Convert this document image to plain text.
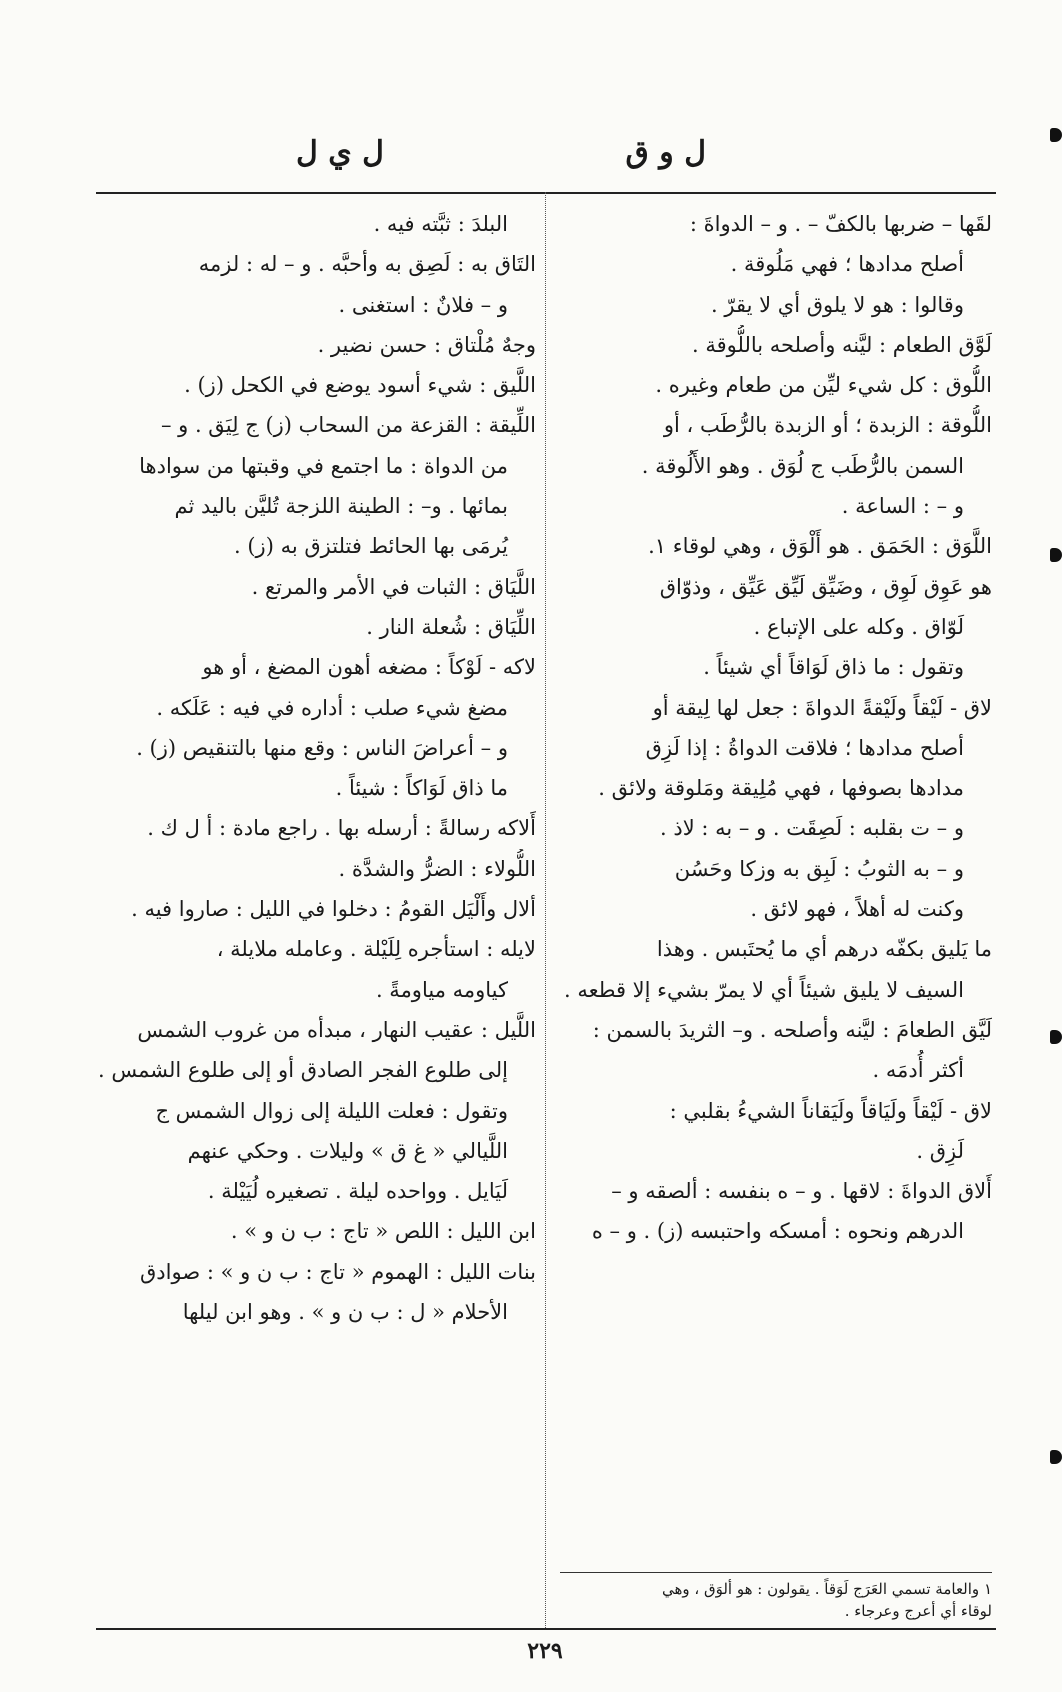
ل و ق
ل ي ل
لقَها – ضربها بالكفّ – . و – الدواةَ :
أصلح مدادها ؛ فهي مَلُوقة .
وقالوا : هو لا يلوق أي لا يقرّ .
لَوَّق الطعام : ليَّنه وأصلحه باللُّوقة .
اللُّوق : كل شيء ليِّن من طعام وغيره .
اللُّوقة : الزبدة ؛ أو الزبدة بالرُّطَب ، أو
السمن بالرُّطَب ج لُوَق . وهو الأَلُوقة .
و – : الساعة .
اللَّوَق : الحَمَق . هو أَلْوَق ، وهي لوقاء ١.
هو عَوِق لَوِق ، وضَيِّق لَيِّق عَيِّق ، وذوّاق
لَوّاق . وكله على الإتباع .
وتقول : ما ذاق لَوَاقاً أي شيئاً .
لاق - لَيْقاً ولَيْقةً الدواةَ : جعل لها لِيقة أو
أصلح مدادها ؛ فلاقت الدواةُ : إذا لَزِق
مدادها بصوفها ، فهي مُلِيقة ومَلوقة ولائق .
و – ت بقلبه : لَصِقَت . و – به : لاذ .
و – به الثوبُ : لَبِق به وزكا وحَسُن
وكنت له أهلاً ، فهو لائق .
ما يَليق بكفّه درهم أي ما يُحتَبس . وهذا
السيف لا يليق شيئاً أي لا يمرّ بشيء إلا قطعه .
لَيَّق الطعامَ : ليَّنه وأصلحه . و– الثريدَ بالسمن :
أكثر أُدمَه .
لاق - لَيْقاً ولَيَاقاً ولَيَقاناً الشيءُ بقلبي :
لَزِق .
أَلاق الدواةَ : لاقها . و – ه بنفسه : ألصقه و –
الدرهم ونحوه : أمسكه واحتبسه (ز) . و – ه
البلدَ : ثبَّته فيه .
التَاق به : لَصِق به وأحبَّه . و – له : لزمه
و – فلانٌ : استغنى .
وجهٌ مُلْتاق : حسن نضير .
اللَّيق : شيء أسود يوضع في الكحل (ز) .
اللِّيقة : القزعة من السحاب (ز) ج لِيَق . و –
من الدواة : ما اجتمع في وقبتها من سوادها
بمائها . و– : الطينة اللزجة تُليَّن باليد ثم
يُرمَى بها الحائط فتلتزق به (ز) .
اللَّيَاق : الثبات في الأمر والمرتع .
اللِّيَاق : شُعلة النار .
لاكه - لَوْكاً : مضغه أهون المضغ ، أو هو
مضغ شيء صلب : أداره في فيه : عَلَكه .
و – أعراضَ الناس : وقع منها بالتنقيص (ز) .
ما ذاق لَوَاكاً : شيئاً .
أَلاكه رسالةً : أرسله بها . راجع مادة : أ ل ك .
اللُّولاء : الضرُّ والشدَّة .
ألال وأَلْيَل القومُ : دخلوا في الليل : صاروا فيه .
لايله : استأجره لِلَيْلة . وعامله ملايلة ،
كياومه مياومةً .
اللَّيل : عقيب النهار ، مبدأه من غروب الشمس
إلى طلوع الفجر الصادق أو إلى طلوع الشمس .
وتقول : فعلت الليلة إلى زوال الشمس ج
اللَّيالي « غ ق » وليلات . وحكي عنهم
لَيَايل . وواحده ليلة . تصغيره لُيَيْلة .
ابن الليل : اللص « تاج : ب ن و » .
بنات الليل : الهموم « تاج : ب ن و » : صوادق
الأحلام « ل : ب ن و » . وهو ابن ليلها
١ والعامة تسمي العَرَج لَوَقاً . يقولون : هو ألوَق ، وهي
لوقاء أي أعرج وعرجاء .
٢٢٩
